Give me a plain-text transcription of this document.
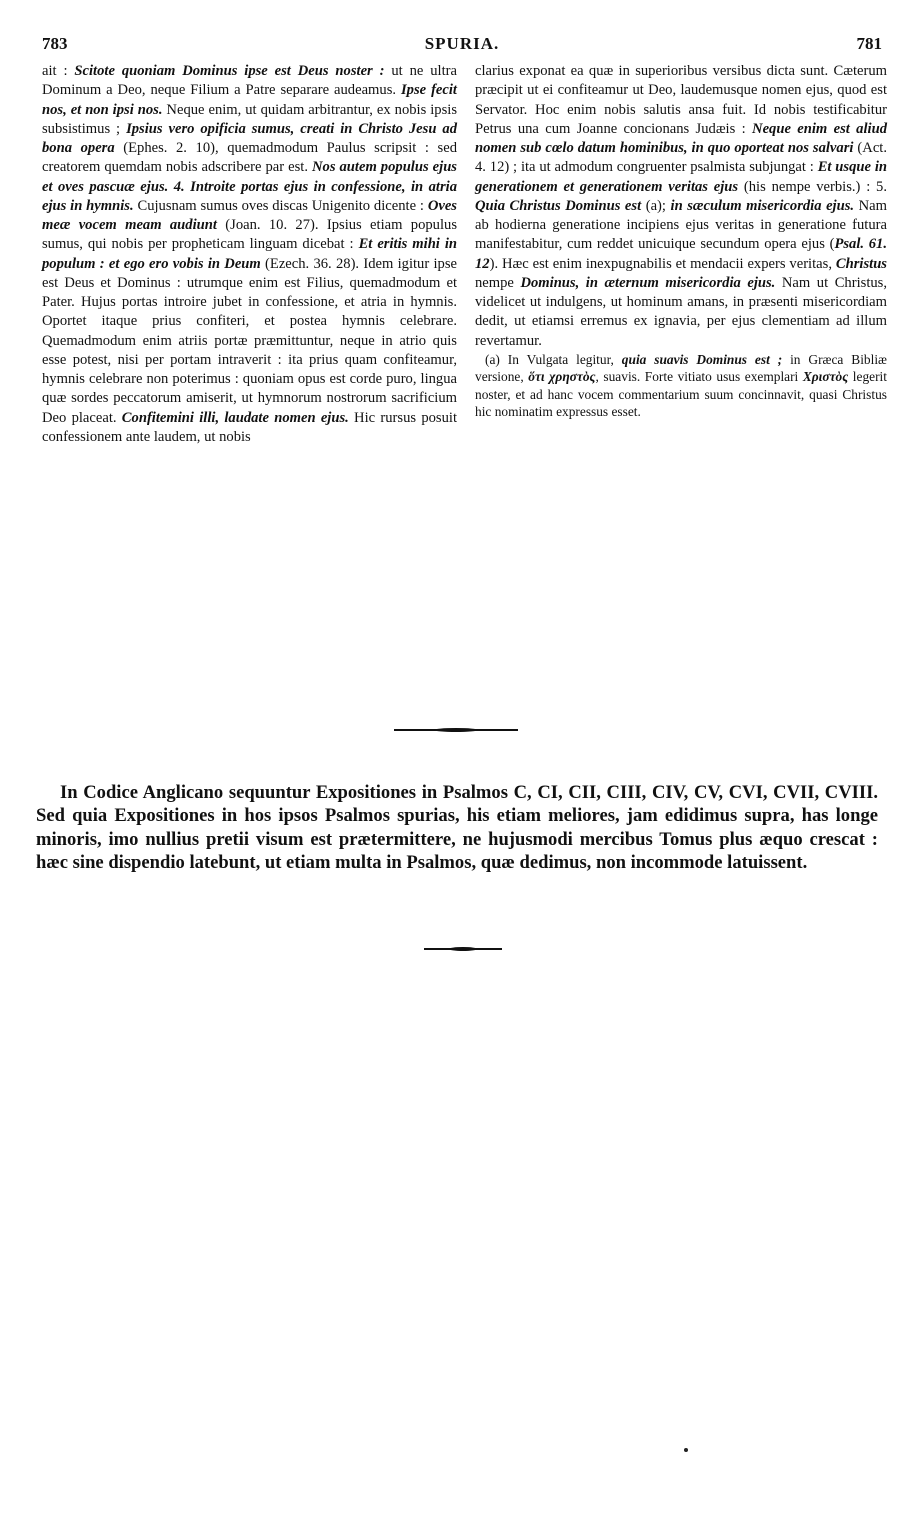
783	SPURIA.	781

ait : Scitote quoniam Dominus ipse est Deus noster : ut ne ultra Dominum a Deo, neque Filium a Patre separare audeamus. Ipse fecit nos, et non ipsi nos. Neque enim, ut quidam arbitrantur, ex nobis ipsis subsistimus ; Ipsius vero opificia sumus, creati in Christo Jesu ad bona opera (Ephes. 2. 10), quemadmodum Paulus scripsit : sed creatorem quemdam nobis adscribere par est. Nos autem populus ejus et oves pascuæ ejus. 4. Introite portas ejus in confessione, in atria ejus in hymnis. Cujusnam sumus oves discas Unigenito dicente : Oves meæ vocem meam audiunt (Joan. 10. 27). Ipsius etiam populus sumus, qui nobis per propheticam linguam dicebat : Et eritis mihi in populum : et ego ero vobis in Deum (Ezech. 36. 28). Idem igitur ipse est Deus et Dominus : utrumque enim est Filius, quemadmodum et Pater. Hujus portas introire jubet in confessione, et atria in hymnis. Oportet itaque prius confiteri, et postea hymnis celebrare. Quemadmodum enim atriis portæ præmittuntur, neque in atrio quis esse potest, nisi per portam intraverit : ita prius quam confiteamur, hymnis celebrare non poterimus : quoniam opus est corde puro, lingua quæ sordes peccatorum amiserit, ut hymnorum nostrorum sacrificium Deo placeat. Confitemini illi, laudate nomen ejus. Hic rursus posuit confessionem ante laudem, ut nobis

clarius exponat ea quæ in superioribus versibus dicta sunt. Cæterum præcipit ut ei confiteamur ut Deo, laudemusque nomen ejus, quod est Servator. Hoc enim nobis salutis ansa fuit. Id nobis testificabitur Petrus una cum Joanne concionans Judæis : Neque enim est aliud nomen sub cœlo datum hominibus, in quo oporteat nos salvari (Act. 4. 12) ; ita ut admodum congruenter psalmista subjungat : Et usque in generationem et generationem veritas ejus (his nempe verbis.) : 5. Quia Christus Dominus est (a); in sæculum misericordia ejus. Nam ab hodierna generatione incipiens ejus veritas in generatione futura manifestabitur, cum reddet unicuique secundum opera ejus (Psal. 61. 12). Hæc est enim inexpugnabilis et mendacii expers veritas, Christus nempe Dominus, in æternum misericordia ejus. Nam ut Christus, videlicet ut indulgens, ut hominum amans, in præsenti misericordiam dedit, ut etiamsi erremus ex ignavia, per ejus clementiam ad illum revertamur.

(a) In Vulgata legitur, quia suavis Dominus est ; in Græca Bibliæ versione, ὅτι χρηστὸς, suavis. Forte vitiato usus exemplari Χριστὸς legerit noster, et ad hanc vocem commentarium suum concinnavit, quasi Christus hic nominatim expressus esset.

In Codice Anglicano sequuntur Expositiones in Psalmos C, CI, CII, CIII, CIV, CV, CVI, CVII, CVIII. Sed quia Expositiones in hos ipsos Psalmos spurias, his etiam meliores, jam edidimus supra, has longe minoris, imo nullius pretii visum est prætermittere, ne hujusmodi mercibus Tomus plus æquo crescat : hæc sine dispendio latebunt, ut etiam multa in Psalmos, quæ dedimus, non incommode latuissent.
